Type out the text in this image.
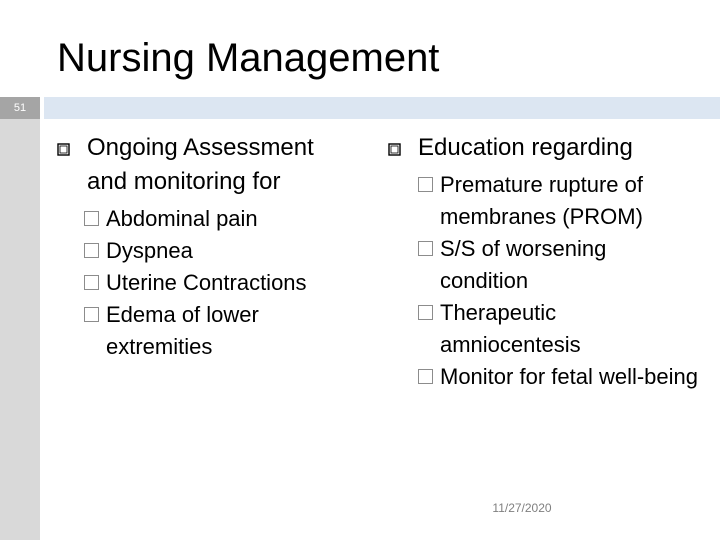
Nursing Management
51
Ongoing Assessment and monitoring for
Abdominal pain
Dyspnea
Uterine Contractions
Edema of lower extremities
Education regarding
Premature rupture of membranes (PROM)
S/S of worsening condition
Therapeutic amniocentesis
Monitor for fetal well-being
11/27/2020
